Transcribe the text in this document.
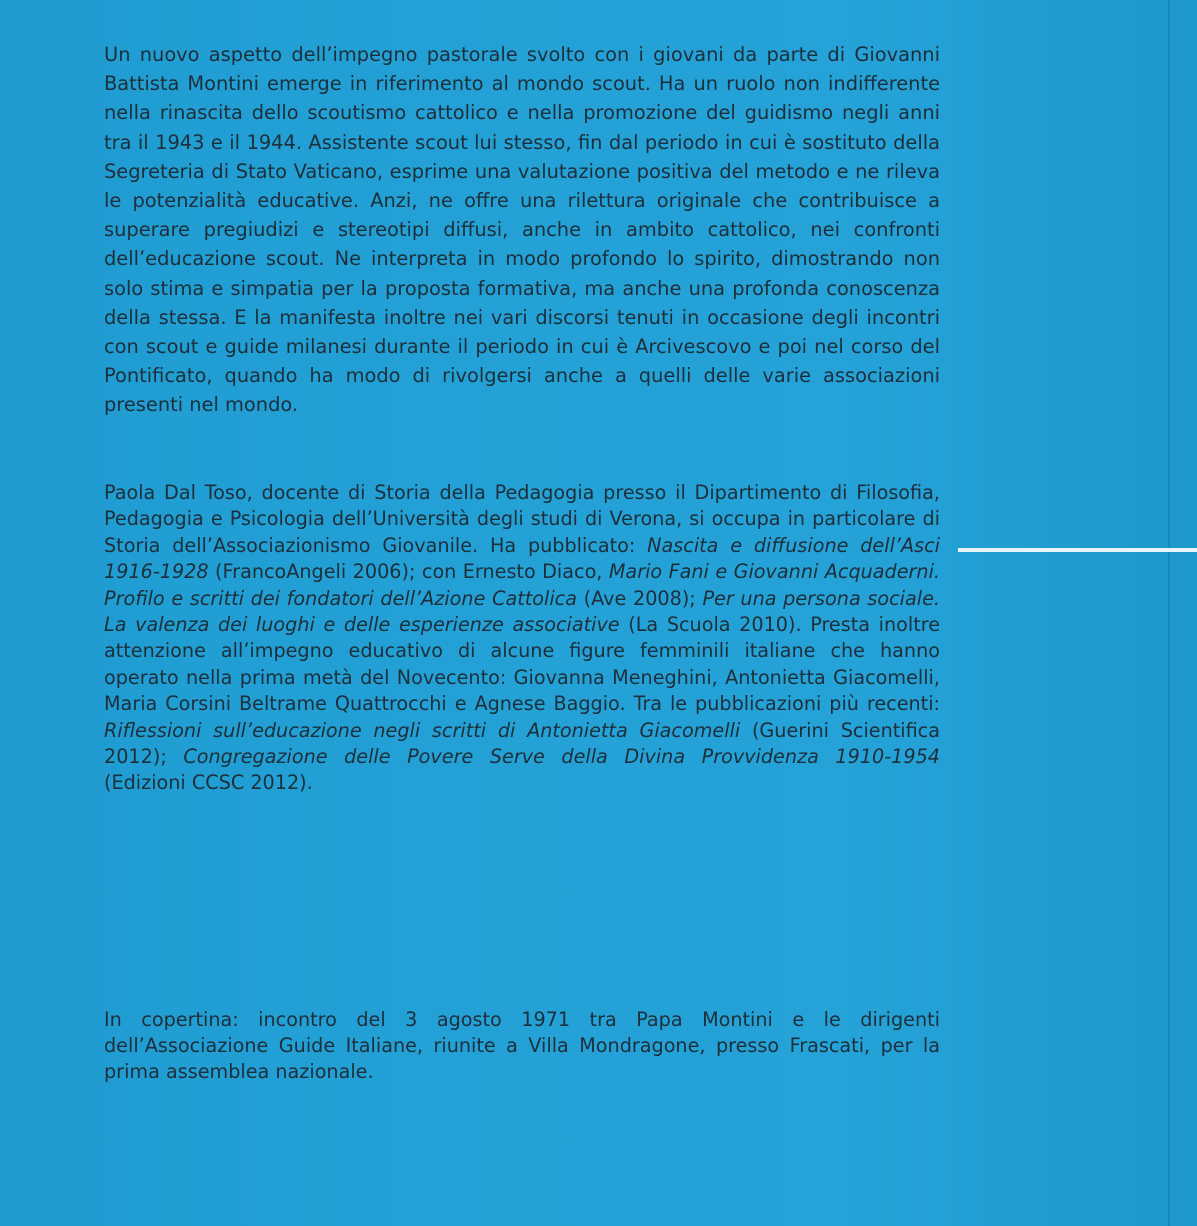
Un nuovo aspetto dell’impegno pastorale svolto con i giovani da parte di Giovanni Battista Montini emerge in riferimento al mondo scout. Ha un ruolo non indifferente nella rinascita dello scoutismo cattolico e nella promozione del guidismo negli anni tra il 1943 e il 1944. Assistente scout lui stesso, fin dal periodo in cui è sostituto della Segreteria di Stato Vaticano, esprime una valutazione positiva del metodo e ne rileva le potenzialità educative. Anzi, ne offre una rilettura originale che contribuisce a superare pregiudizi e stereotipi diffusi, anche in ambito cattolico, nei confronti dell’educazione scout. Ne interpreta in modo profondo lo spirito, dimostrando non solo stima e simpatia per la proposta formativa, ma anche una profonda conoscenza della stessa. E la manifesta inoltre nei vari discorsi tenuti in occasione degli incontri con scout e guide milanesi durante il periodo in cui è Arcivescovo e poi nel corso del Pontificato, quando ha modo di rivolgersi anche a quelli delle varie associazioni presenti nel mondo.

Paola Dal Toso, docente di Storia della Pedagogia presso il Dipartimento di Filosofia, Pedagogia e Psicologia dell’Università degli studi di Verona, si occupa in particolare di Storia dell’Associazionismo Giovanile. Ha pubblicato: Nascita e diffusione dell’Asci 1916-1928 (FrancoAngeli 2006); con Ernesto Diaco, Mario Fani e Giovanni Acquaderni. Profilo e scritti dei fondatori dell’Azione Cattolica (Ave 2008); Per una persona sociale. La valenza dei luoghi e delle esperienze associative (La Scuola 2010). Presta inoltre attenzione all’impegno educativo di alcune figure femminili italiane che hanno operato nella prima metà del Novecento: Giovanna Meneghini, Antonietta Giacomelli, Maria Corsini Beltrame Quattrocchi e Agnese Baggio. Tra le pubblicazioni più recenti: Riflessioni sull’educazione negli scritti di Antonietta Giacomelli (Guerini Scientifica 2012); Congregazione delle Povere Serve della Divina Provvidenza 1910-1954 (Edizioni CCSC 2012).

In copertina: incontro del 3 agosto 1971 tra Papa Montini e le dirigenti dell’Associazione Guide Italiane, riunite a Villa Mondragone, presso Frascati, per la prima assemblea nazionale.
